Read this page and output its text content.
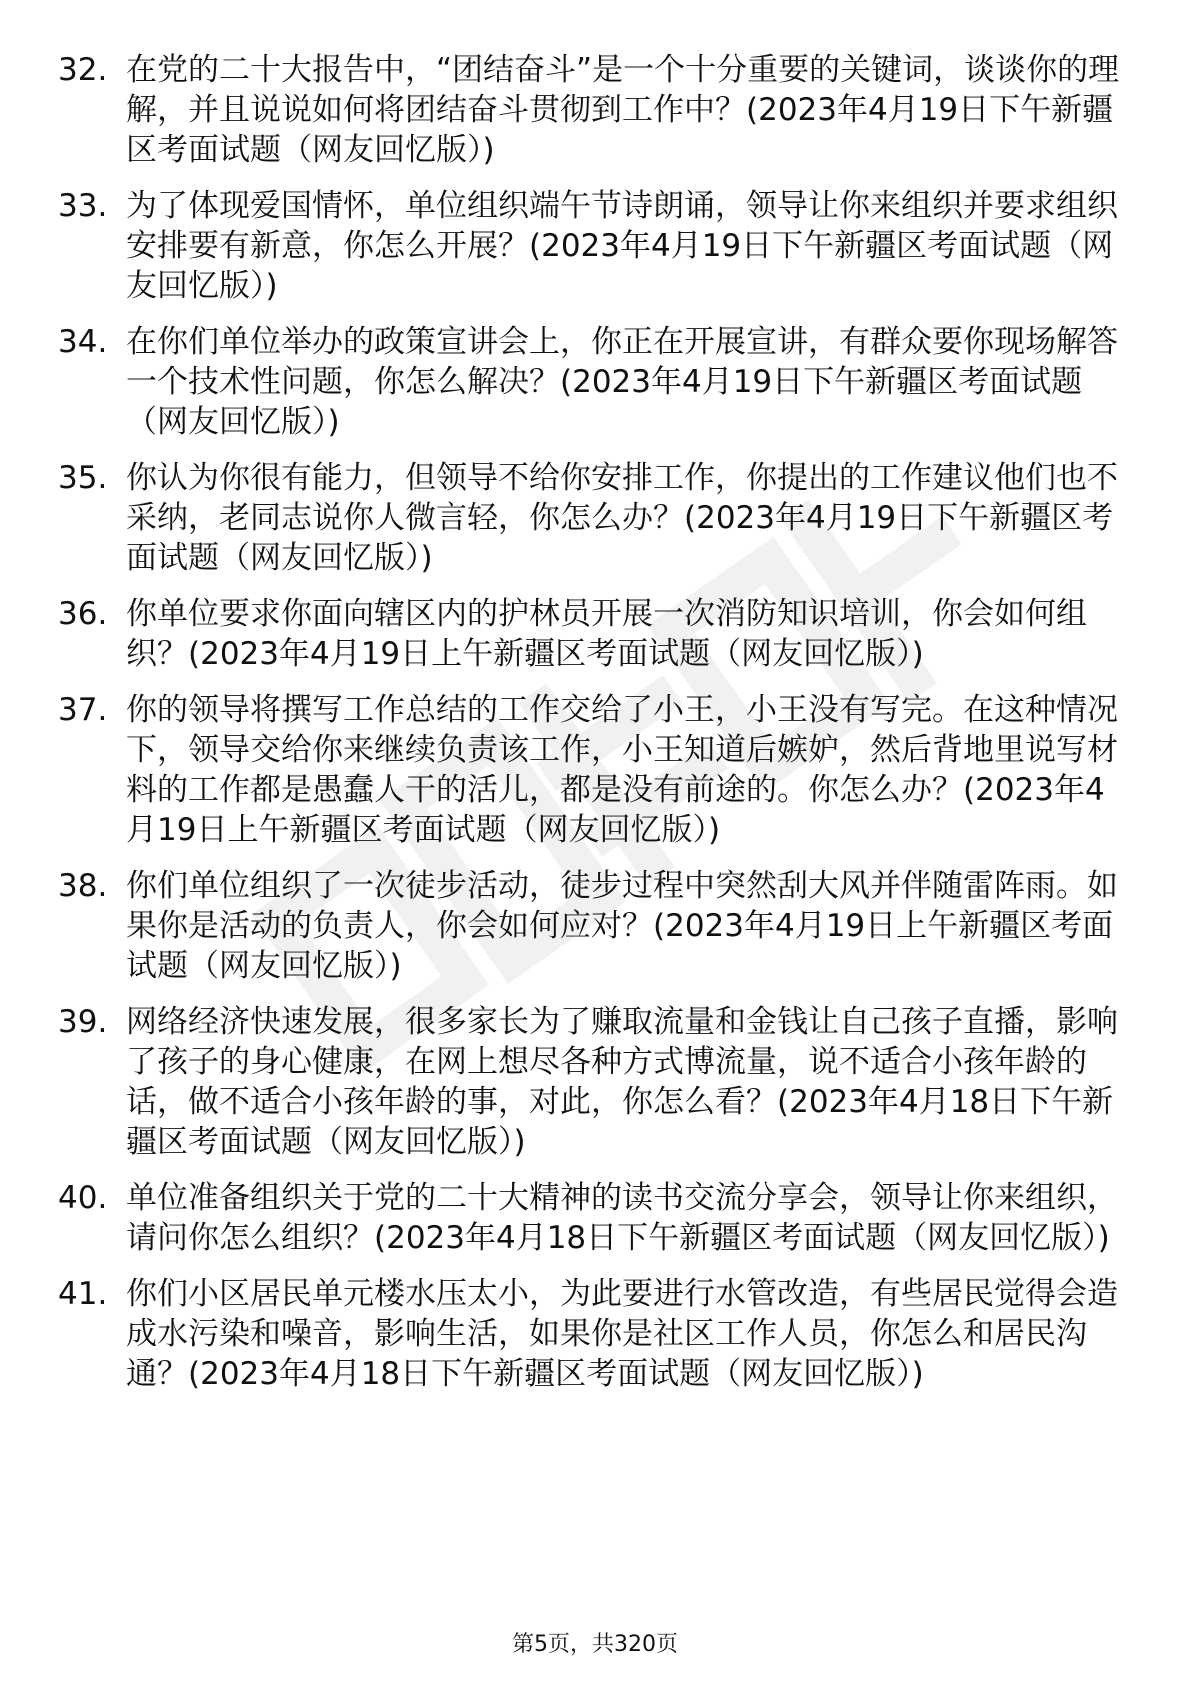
32. 在党的二十大报告中，“团结奋斗”是一个十分重要的关键词，谈谈你的理解，并且说说如何将团结奋斗贯彻到工作中？(2023年4月19日下午新疆区考面试题（网友回忆版）)
33. 为了体现爱国情怀，单位组织端午节诗朗诵，领导让你来组织并要求组织安排要有新意，你怎么开展？(2023年4月19日下午新疆区考面试题（网友回忆版）)
34. 在你们单位举办的政策宣讲会上，你正在开展宣讲，有群众要你现场解答一个技术性问题，你怎么解决？(2023年4月19日下午新疆区考面试题（网友回忆版）)
35. 你认为你很有能力，但领导不给你安排工作，你提出的工作建议他们也不采纳，老同志说你人微言轻，你怎么办？(2023年4月19日下午新疆区考面试题（网友回忆版）)
36. 你单位要求你面向辖区内的护林员开展一次消防知识培训，你会如何组织？(2023年4月19日上午新疆区考面试题（网友回忆版）)
37. 你的领导将撰写工作总结的工作交给了小王，小王没有写完。在这种情况下，领导交给你来继续负责该工作，小王知道后嫉妒，然后背地里说写材料的工作都是愚蠢人干的活儿，都是没有前途的。你怎么办？(2023年4月19日上午新疆区考面试题（网友回忆版）)
38. 你们单位组织了一次徒步活动，徒步过程中突然刮大风并伴随雷阵雨。如果你是活动的负责人，你会如何应对？(2023年4月19日上午新疆区考面试题（网友回忆版）)
39. 网络经济快速发展，很多家长为了赚取流量和金钱让自己孩子直播，影响了孩子的身心健康，在网上想尽各种方式博流量，说不适合小孩年龄的话，做不适合小孩年龄的事，对此，你怎么看？(2023年4月18日下午新疆区考面试题（网友回忆版）)
40. 单位准备组织关于党的二十大精神的读书交流分享会，领导让你来组织，请问你怎么组织？(2023年4月18日下午新疆区考面试题（网友回忆版）)
41. 你们小区居民单元楼水压太小，为此要进行水管改造，有些居民觉得会造成水污染和噪音，影响生活，如果你是社区工作人员，你怎么和居民沟通？(2023年4月18日下午新疆区考面试题（网友回忆版）)
第5页，共320页
